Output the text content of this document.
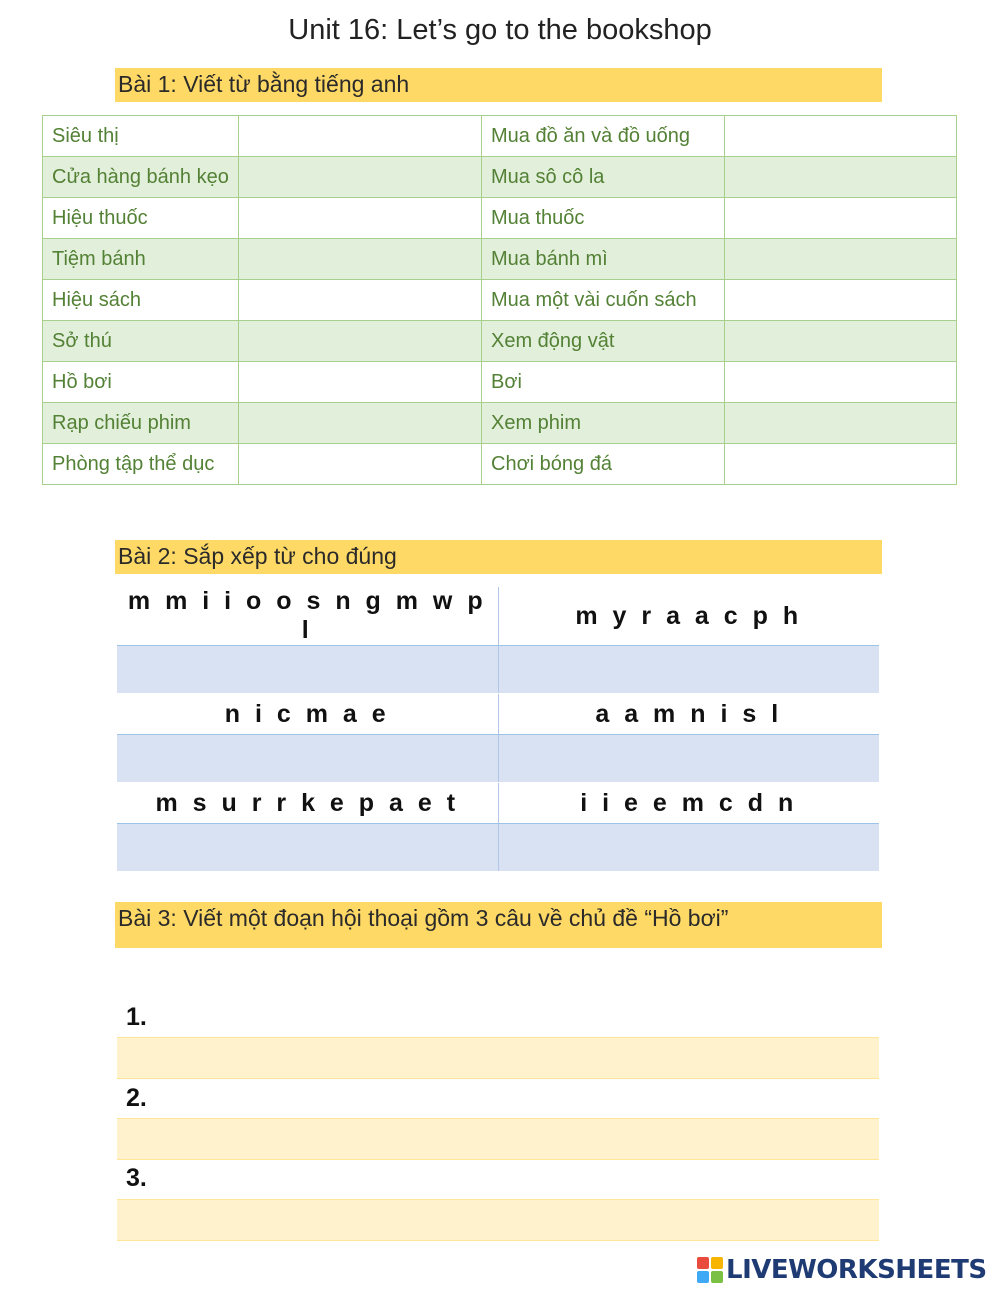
Unit 16: Let’s go to the bookshop
Bài 1: Viết từ bằng tiếng anh
Siêu thị		Mua đồ ăn và đồ uống	
Cửa hàng bánh kẹo		Mua sô cô la	
Hiệu thuốc		Mua thuốc	
Tiệm bánh		Mua bánh mì	
Hiệu sách		Mua một vài cuốn sách	
Sở thú		Xem động vật	
Hồ bơi		Bơi	
Rạp chiếu phim		Xem phim	
Phòng tập thể dục		Chơi bóng đá	
Bài 2: Sắp xếp từ cho đúng
m m i i o o s n g m w p l	m y r a a c p h

n i c m a e	a a m n i s l

m s u r r k e p a e t	i i e e m c d n

Bài 3: Viết một đoạn hội thoại gồm 3 câu về chủ đề “Hồ bơi”
1.
2.
3.
LIVEWORKSHEETS
